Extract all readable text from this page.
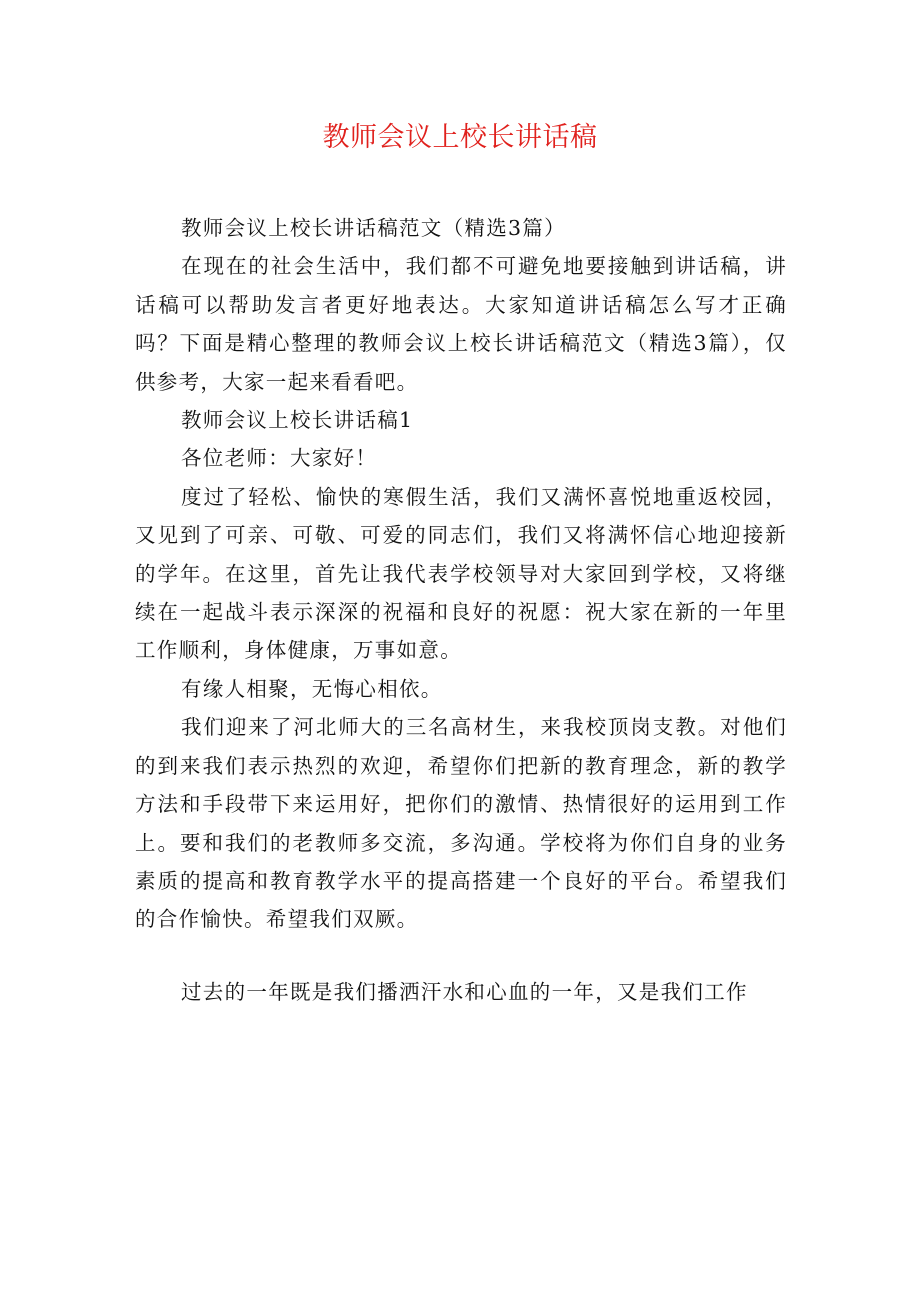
教师会议上校长讲话稿

教师会议上校长讲话稿范文（精选3篇）

在现在的社会生活中，我们都不可避免地要接触到讲话稿，讲话稿可以帮助发言者更好地表达。大家知道讲话稿怎么写才正确吗？下面是精心整理的教师会议上校长讲话稿范文（精选3篇），仅供参考，大家一起来看看吧。

教师会议上校长讲话稿1

各位老师：大家好！

度过了轻松、愉快的寒假生活，我们又满怀喜悦地重返校园，又见到了可亲、可敬、可爱的同志们，我们又将满怀信心地迎接新的学年。在这里，首先让我代表学校领导对大家回到学校，又将继续在一起战斗表示深深的祝福和良好的祝愿：祝大家在新的一年里工作顺利，身体健康，万事如意。

有缘人相聚，无悔心相依。

我们迎来了河北师大的三名高材生，来我校顶岗支教。对他们的到来我们表示热烈的欢迎，希望你们把新的教育理念，新的教学方法和手段带下来运用好，把你们的激情、热情很好的运用到工作上。要和我们的老教师多交流，多沟通。学校将为你们自身的业务素质的提高和教育教学水平的提高搭建一个良好的平台。希望我们的合作愉快。希望我们双厥。

过去的一年既是我们播洒汗水和心血的一年，又是我们工作
